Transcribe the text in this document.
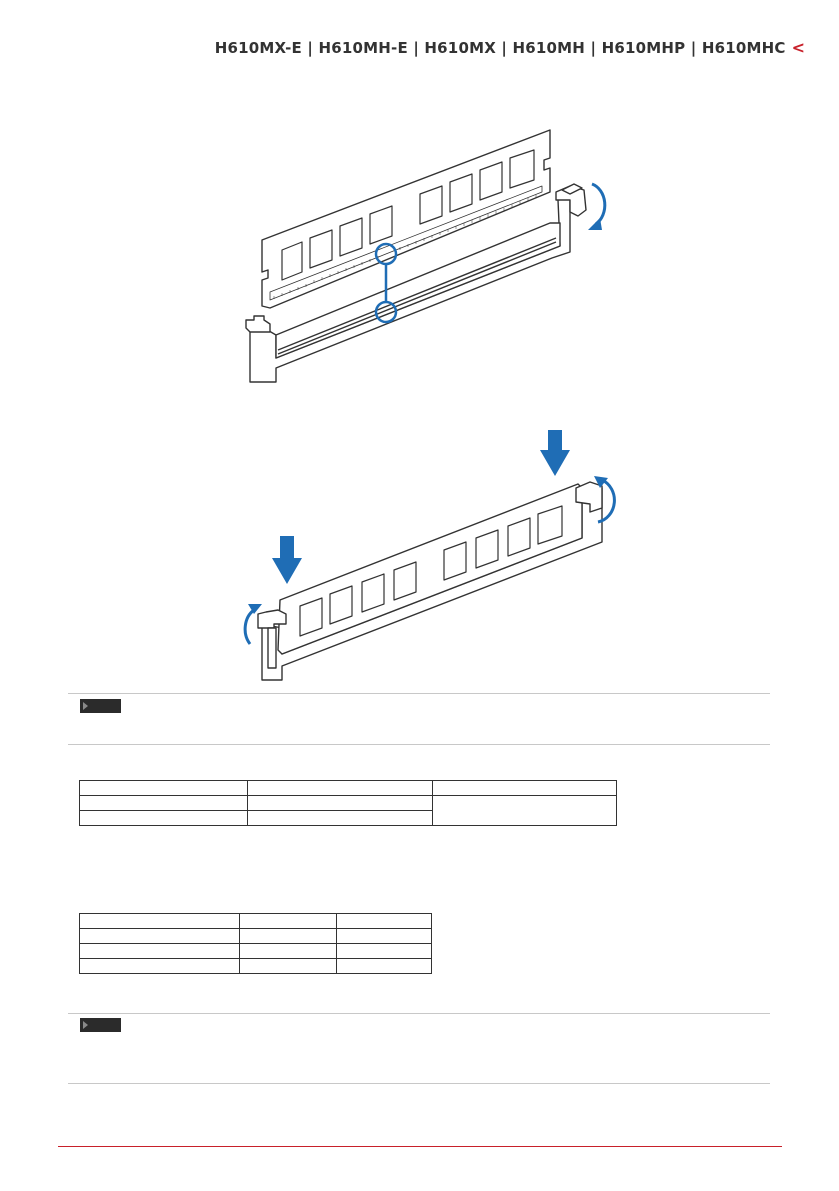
H610MX-E | H610MH-E | H610MX | H610MH | H610MHP | H610MHC <
